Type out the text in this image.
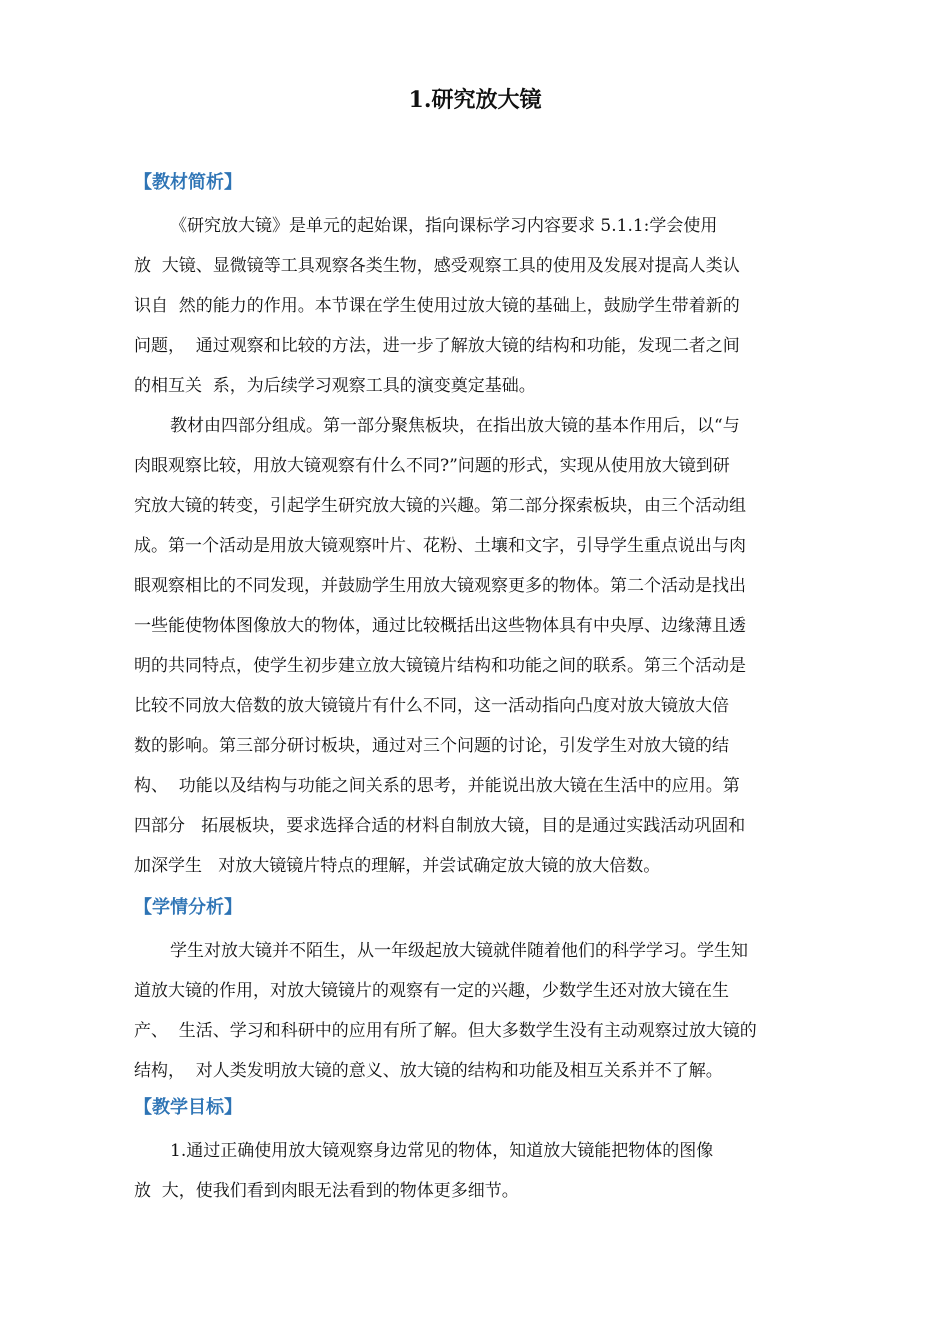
1.研究放大镜
【教材简析】
《研究放大镜》是单元的起始课，指向课标学习内容要求 5.1.1:学会使用
放  大镜、显微镜等工具观察各类生物，感受观察工具的使用及发展对提高人类认
识自  然的能力的作用。本节课在学生使用过放大镜的基础上，鼓励学生带着新的
问题，  通过观察和比较的方法，进一步了解放大镜的结构和功能，发现二者之间
的相互关  系，为后续学习观察工具的演变奠定基础。
教材由四部分组成。第一部分聚焦板块，在指出放大镜的基本作用后，以“与
肉眼观察比较，用放大镜观察有什么不同?”问题的形式，实现从使用放大镜到研
究放大镜的转变，引起学生研究放大镜的兴趣。第二部分探索板块，由三个活动组
成。第一个活动是用放大镜观察叶片、花粉、土壤和文字，引导学生重点说出与肉
眼观察相比的不同发现，并鼓励学生用放大镜观察更多的物体。第二个活动是找出
一些能使物体图像放大的物体，通过比较概括出这些物体具有中央厚、边缘薄且透
明的共同特点，使学生初步建立放大镜镜片结构和功能之间的联系。第三个活动是
比较不同放大倍数的放大镜镜片有什么不同，这一活动指向凸度对放大镜放大倍
数的影响。第三部分研讨板块，通过对三个问题的讨论，引发学生对放大镜的结
构、  功能以及结构与功能之间关系的思考，并能说出放大镜在生活中的应用。第
四部分   拓展板块，要求选择合适的材料自制放大镜，目的是通过实践活动巩固和
加深学生   对放大镜镜片特点的理解，并尝试确定放大镜的放大倍数。
【学情分析】
学生对放大镜并不陌生，从一年级起放大镜就伴随着他们的科学学习。学生知
道放大镜的作用，对放大镜镜片的观察有一定的兴趣，少数学生还对放大镜在生
产、  生活、学习和科研中的应用有所了解。但大多数学生没有主动观察过放大镜的
结构，  对人类发明放大镜的意义、放大镜的结构和功能及相互关系并不了解。
【教学目标】
1.通过正确使用放大镜观察身边常见的物体，知道放大镜能把物体的图像
放  大，使我们看到肉眼无法看到的物体更多细节。
